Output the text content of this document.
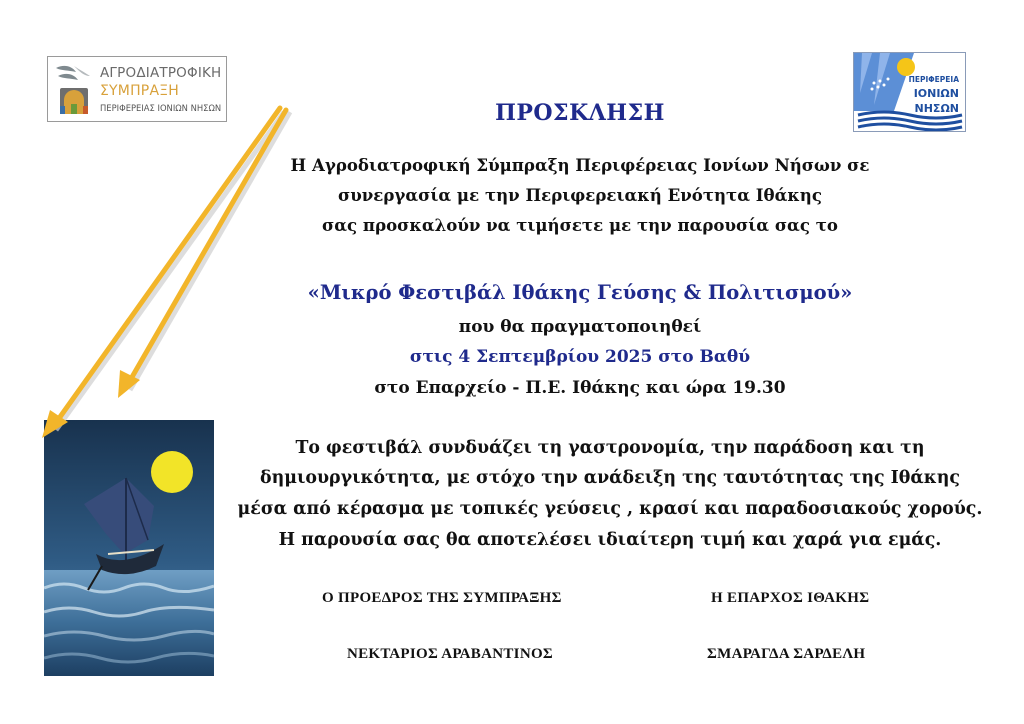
ΑΓΡΟΔΙΑΤΡΟΦΙΚΗ
ΣΥΜΠΡΑΞΗ
ΠΕΡΙΦΕΡΕΙΑΣ ΙΟΝΙΩΝ ΝΗΣΩΝ
ΠΕΡΙΦΕΡΕΙΑ
ΙΟΝΙΩΝ
ΝΗΣΩΝ
ΠΡΟΣΚΛΗΣΗ
Η Αγροδιατροφική Σύμπραξη Περιφέρειας Ιονίων Νήσων σε
συνεργασία με την Περιφερειακή Ενότητα Ιθάκης
σας προσκαλούν να τιμήσετε με την παρουσία σας το
«Μικρό Φεστιβάλ Ιθάκης Γεύσης & Πολιτισμού»
που θα πραγματοποιηθεί
στις 4 Σεπτεμβρίου 2025 στο Βαθύ
στο Επαρχείο - Π.Ε. Ιθάκης και ώρα 19.30
Το φεστιβάλ συνδυάζει τη γαστρονομία, την παράδοση και τη
δημιουργικότητα, με στόχο την ανάδειξη της ταυτότητας της Ιθάκης
μέσα από κέρασμα με τοπικές γεύσεις , κρασί και παραδοσιακούς χορούς.
Η παρουσία σας θα αποτελέσει ιδιαίτερη τιμή και χαρά για εμάς.
Ο ΠΡΟΕΔΡΟΣ ΤΗΣ ΣΥΜΠΡΑΞΗΣ	Η ΕΠΑΡΧΟΣ ΙΘΑΚΗΣ
ΝΕΚΤΑΡΙΟΣ ΑΡΑΒΑΝΤΙΝΟΣ	ΣΜΑΡΑΓΔΑ ΣΑΡΔΕΛΗ
